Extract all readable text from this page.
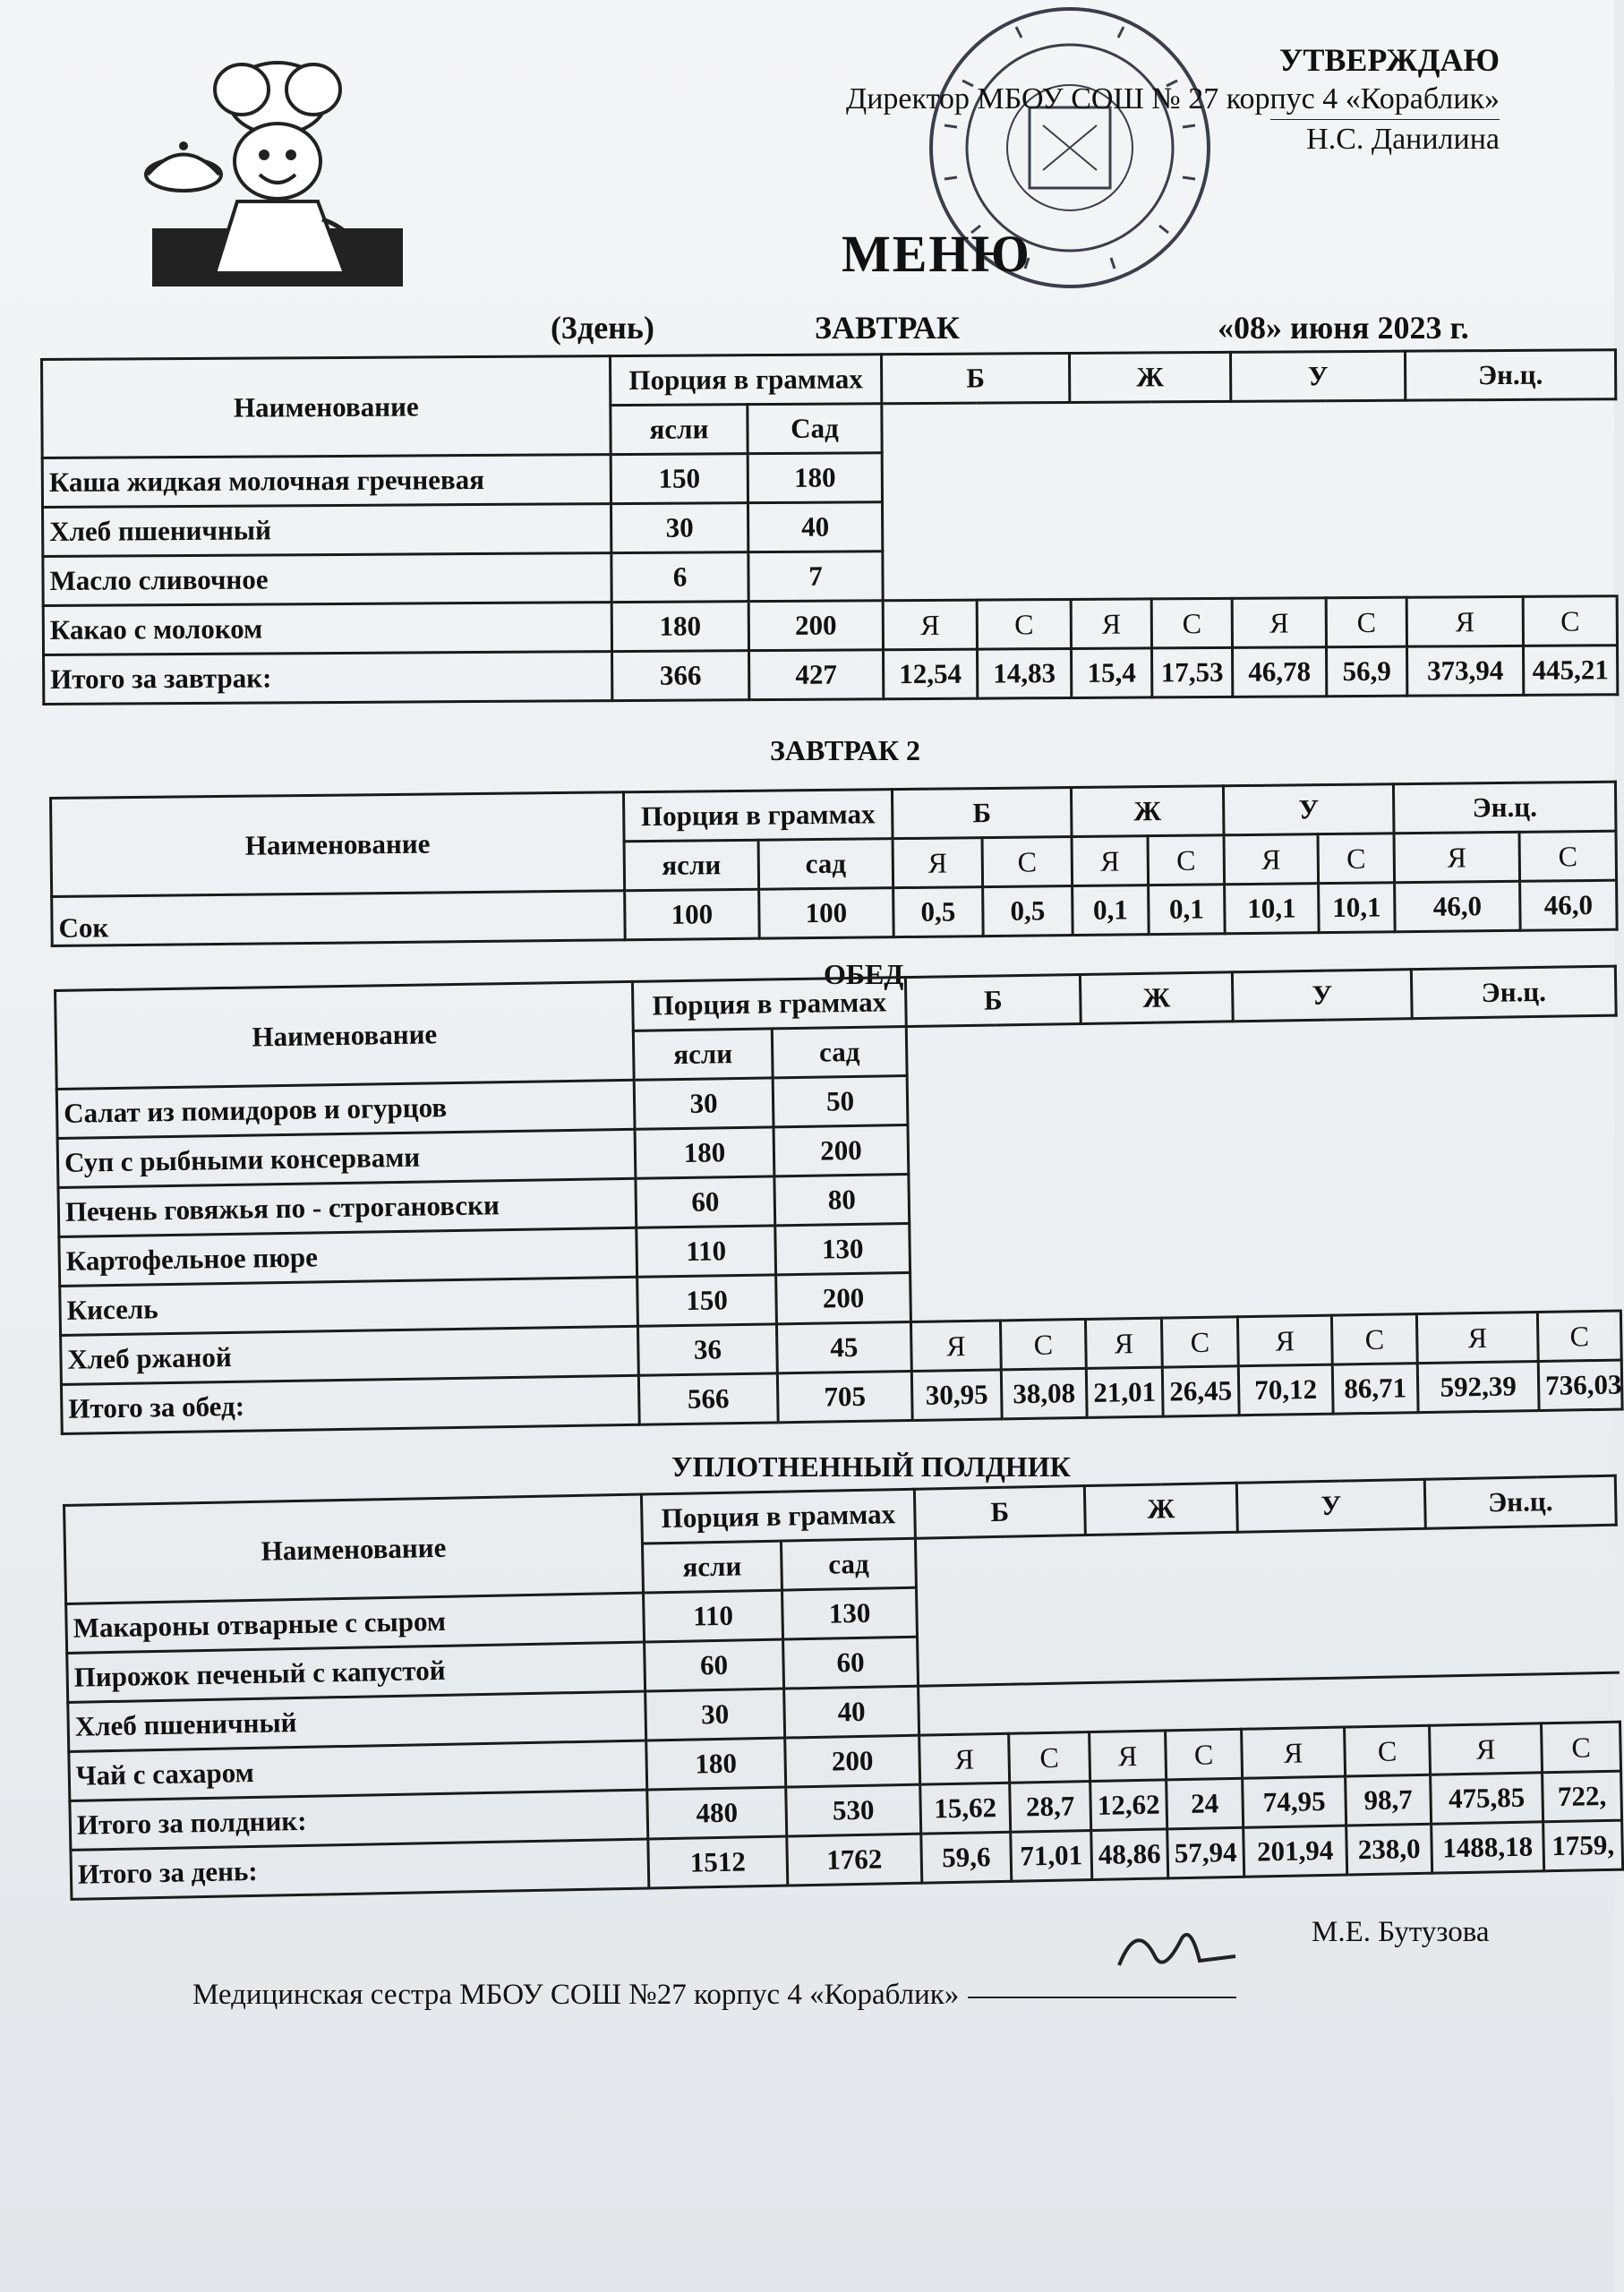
УТВЕРЖДАЮ
Директор МБОУ СОШ № 27 корпус 4 «Кораблик»
Н.С. Данилина
МЕНЮ
(3день)	ЗАВТРАК	«08» июня 2023 г.
Наименование	Порция в граммах		Б		Ж		У		Эн.ц.	
	ясли	Сад								
Каша жидкая молочная гречневая	150	180								
Хлеб пшеничный	30	40								
Масло сливочное	6	7								
Какао с молоком	180	200	Я	С	Я	С	Я	С	Я	С
Итого за завтрак:	366	427	12,54	14,83	15,4	17,53	46,78	56,9	373,94	445,21
ЗАВТРАК 2
Наименование	Порция в граммах		Б		Ж		У		Эн.ц.	
	ясли	сад	Я	С	Я	С	Я	С	Я	С
Сок	100	100	0,5	0,5	0,1	0,1	10,1	10,1	46,0	46,0
ОБЕД
Наименование	Порция в граммах		Б		Ж		У		Эн.ц.	
	ясли	сад								
Салат из помидоров и огурцов	30	50								
Суп с рыбными консервами	180	200								
Печень говяжья по - строгановски	60	80								
Картофельное пюре	110	130								
Кисель	150	200								
Хлеб ржаной	36	45	Я	С	Я	С	Я	С	Я	С
Итого за обед:	566	705	30,95	38,08	21,01	26,45	70,12	86,71	592,39	736,03
УПЛОТНЕННЫЙ ПОЛДНИК
Наименование	Порция в граммах		Б		Ж		У		Эн.ц.	
	ясли	сад								
Макароны отварные с сыром	110	130								
Пирожок печеный с капустой	60	60								
Хлеб пшеничный	30	40								
Чай с сахаром	180	200	Я	С	Я	С	Я	С	Я	С
Итого за полдник:	480	530	15,62	28,7	12,62	24	74,95	98,7	475,85	722,
Итого за день:	1512	1762	59,6	71,01	48,86	57,94	201,94	238,0	1488,18	1759,
М.Е. Бутузова
Медицинская сестра МБОУ СОШ №27 корпус 4 «Кораблик»
